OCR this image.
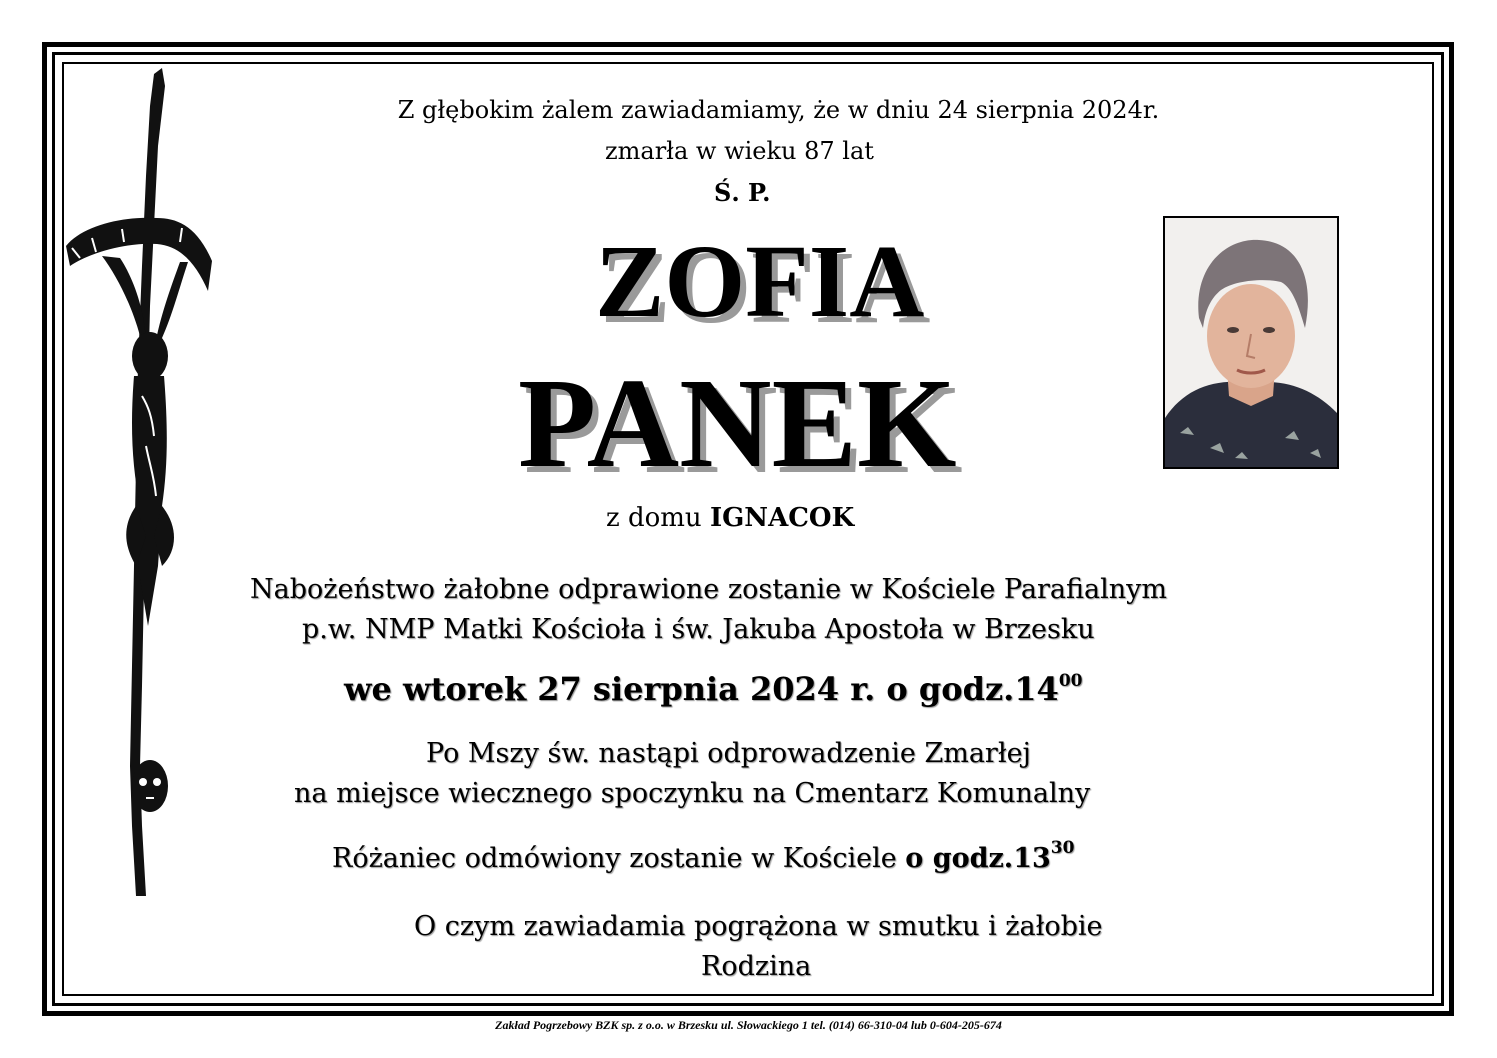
Z głębokim żalem zawiadamiamy, że w dniu 24 sierpnia 2024r.
zmarła w wieku 87 lat
Ś. P.
ZOFIA
PANEK
z domu IGNACOK
Nabożeństwo żałobne odprawione zostanie w Kościele Parafialnym
p.w. NMP Matki Kościoła i św. Jakuba Apostoła w Brzesku
we wtorek 27 sierpnia 2024 r. o $godz.14^{00}$
Po Mszy św. nastąpi odprowadzenie Zmarłej
na miejsce wiecznego spoczynku na Cmentarz Komunalny
Różaniec odmówiony zostanie w Kościele o $godz.13^{30}$
O czym zawiadamia pogrążona w smutku i żałobie
Rodzina
Zakład Pogrzebowy BZK sp. z o.o. w Brzesku ul. Słowackiego 1 tel. (014) 66-310-04 lub 0-604-205-674
